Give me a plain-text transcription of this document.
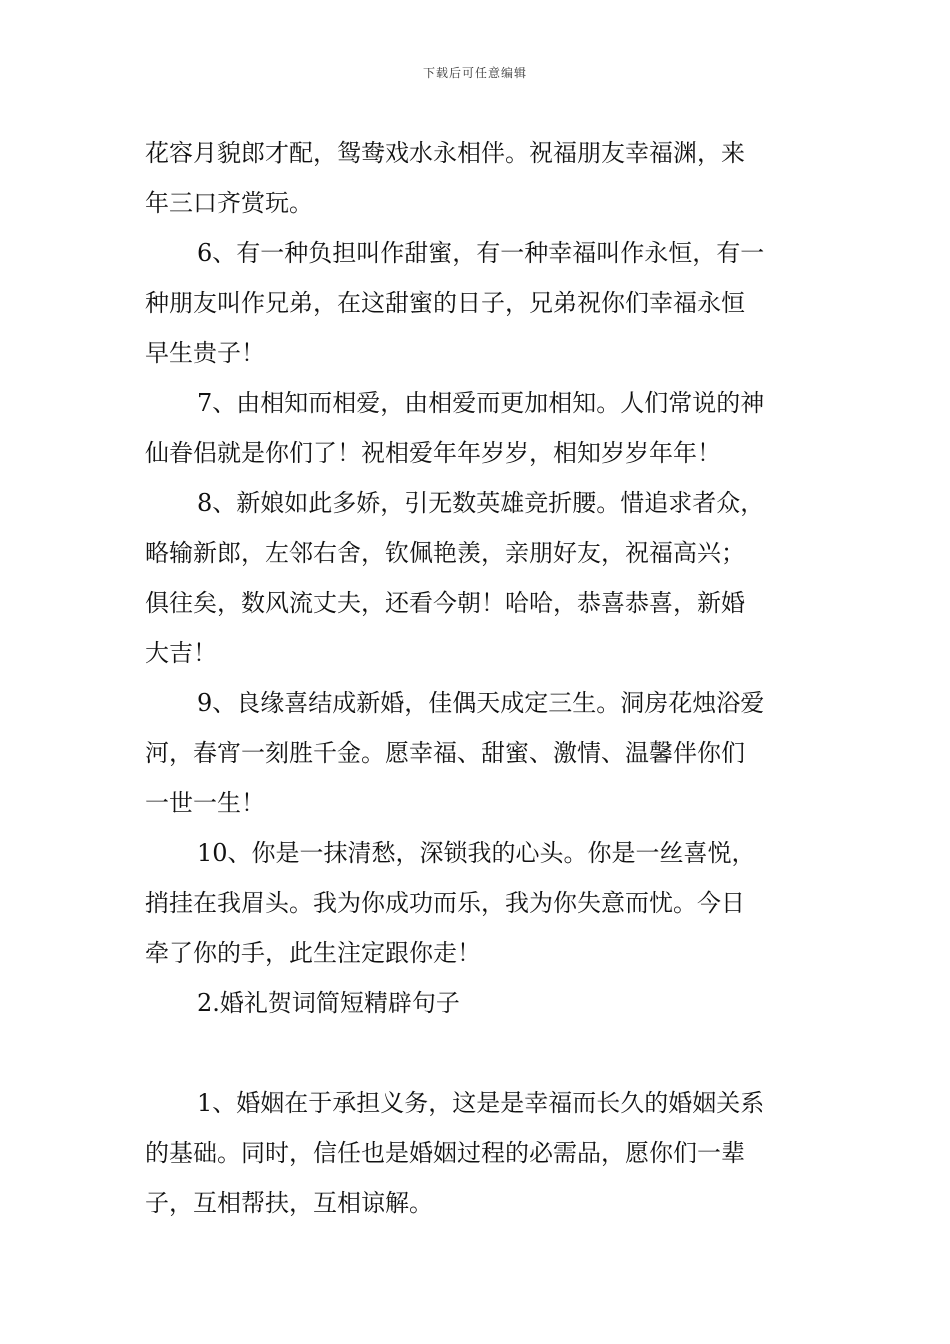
下载后可任意编辑
花容月貌郎才配，鸳鸯戏水永相伴。祝福朋友幸福渊，来
年三口齐赏玩。
6、有一种负担叫作甜蜜，有一种幸福叫作永恒，有一
种朋友叫作兄弟，在这甜蜜的日子，兄弟祝你们幸福永恒
早生贵子！
7、由相知而相爱，由相爱而更加相知。人们常说的神
仙眷侣就是你们了！祝相爱年年岁岁，相知岁岁年年！
8、新娘如此多娇，引无数英雄竞折腰。惜追求者众，
略输新郎，左邻右舍，钦佩艳羡，亲朋好友，祝福高兴；
俱往矣，数风流丈夫，还看今朝！哈哈，恭喜恭喜，新婚
大吉！
9、良缘喜结成新婚，佳偶天成定三生。洞房花烛浴爱
河，春宵一刻胜千金。愿幸福、甜蜜、激情、温馨伴你们
一世一生！
10、你是一抹清愁，深锁我的心头。你是一丝喜悦，
捎挂在我眉头。我为你成功而乐，我为你失意而忧。今日
牵了你的手，此生注定跟你走！
2.婚礼贺词简短精辟句子
1、婚姻在于承担义务，这是是幸福而长久的婚姻关系
的基础。同时，信任也是婚姻过程的必需品，愿你们一辈
子，互相帮扶，互相谅解。
